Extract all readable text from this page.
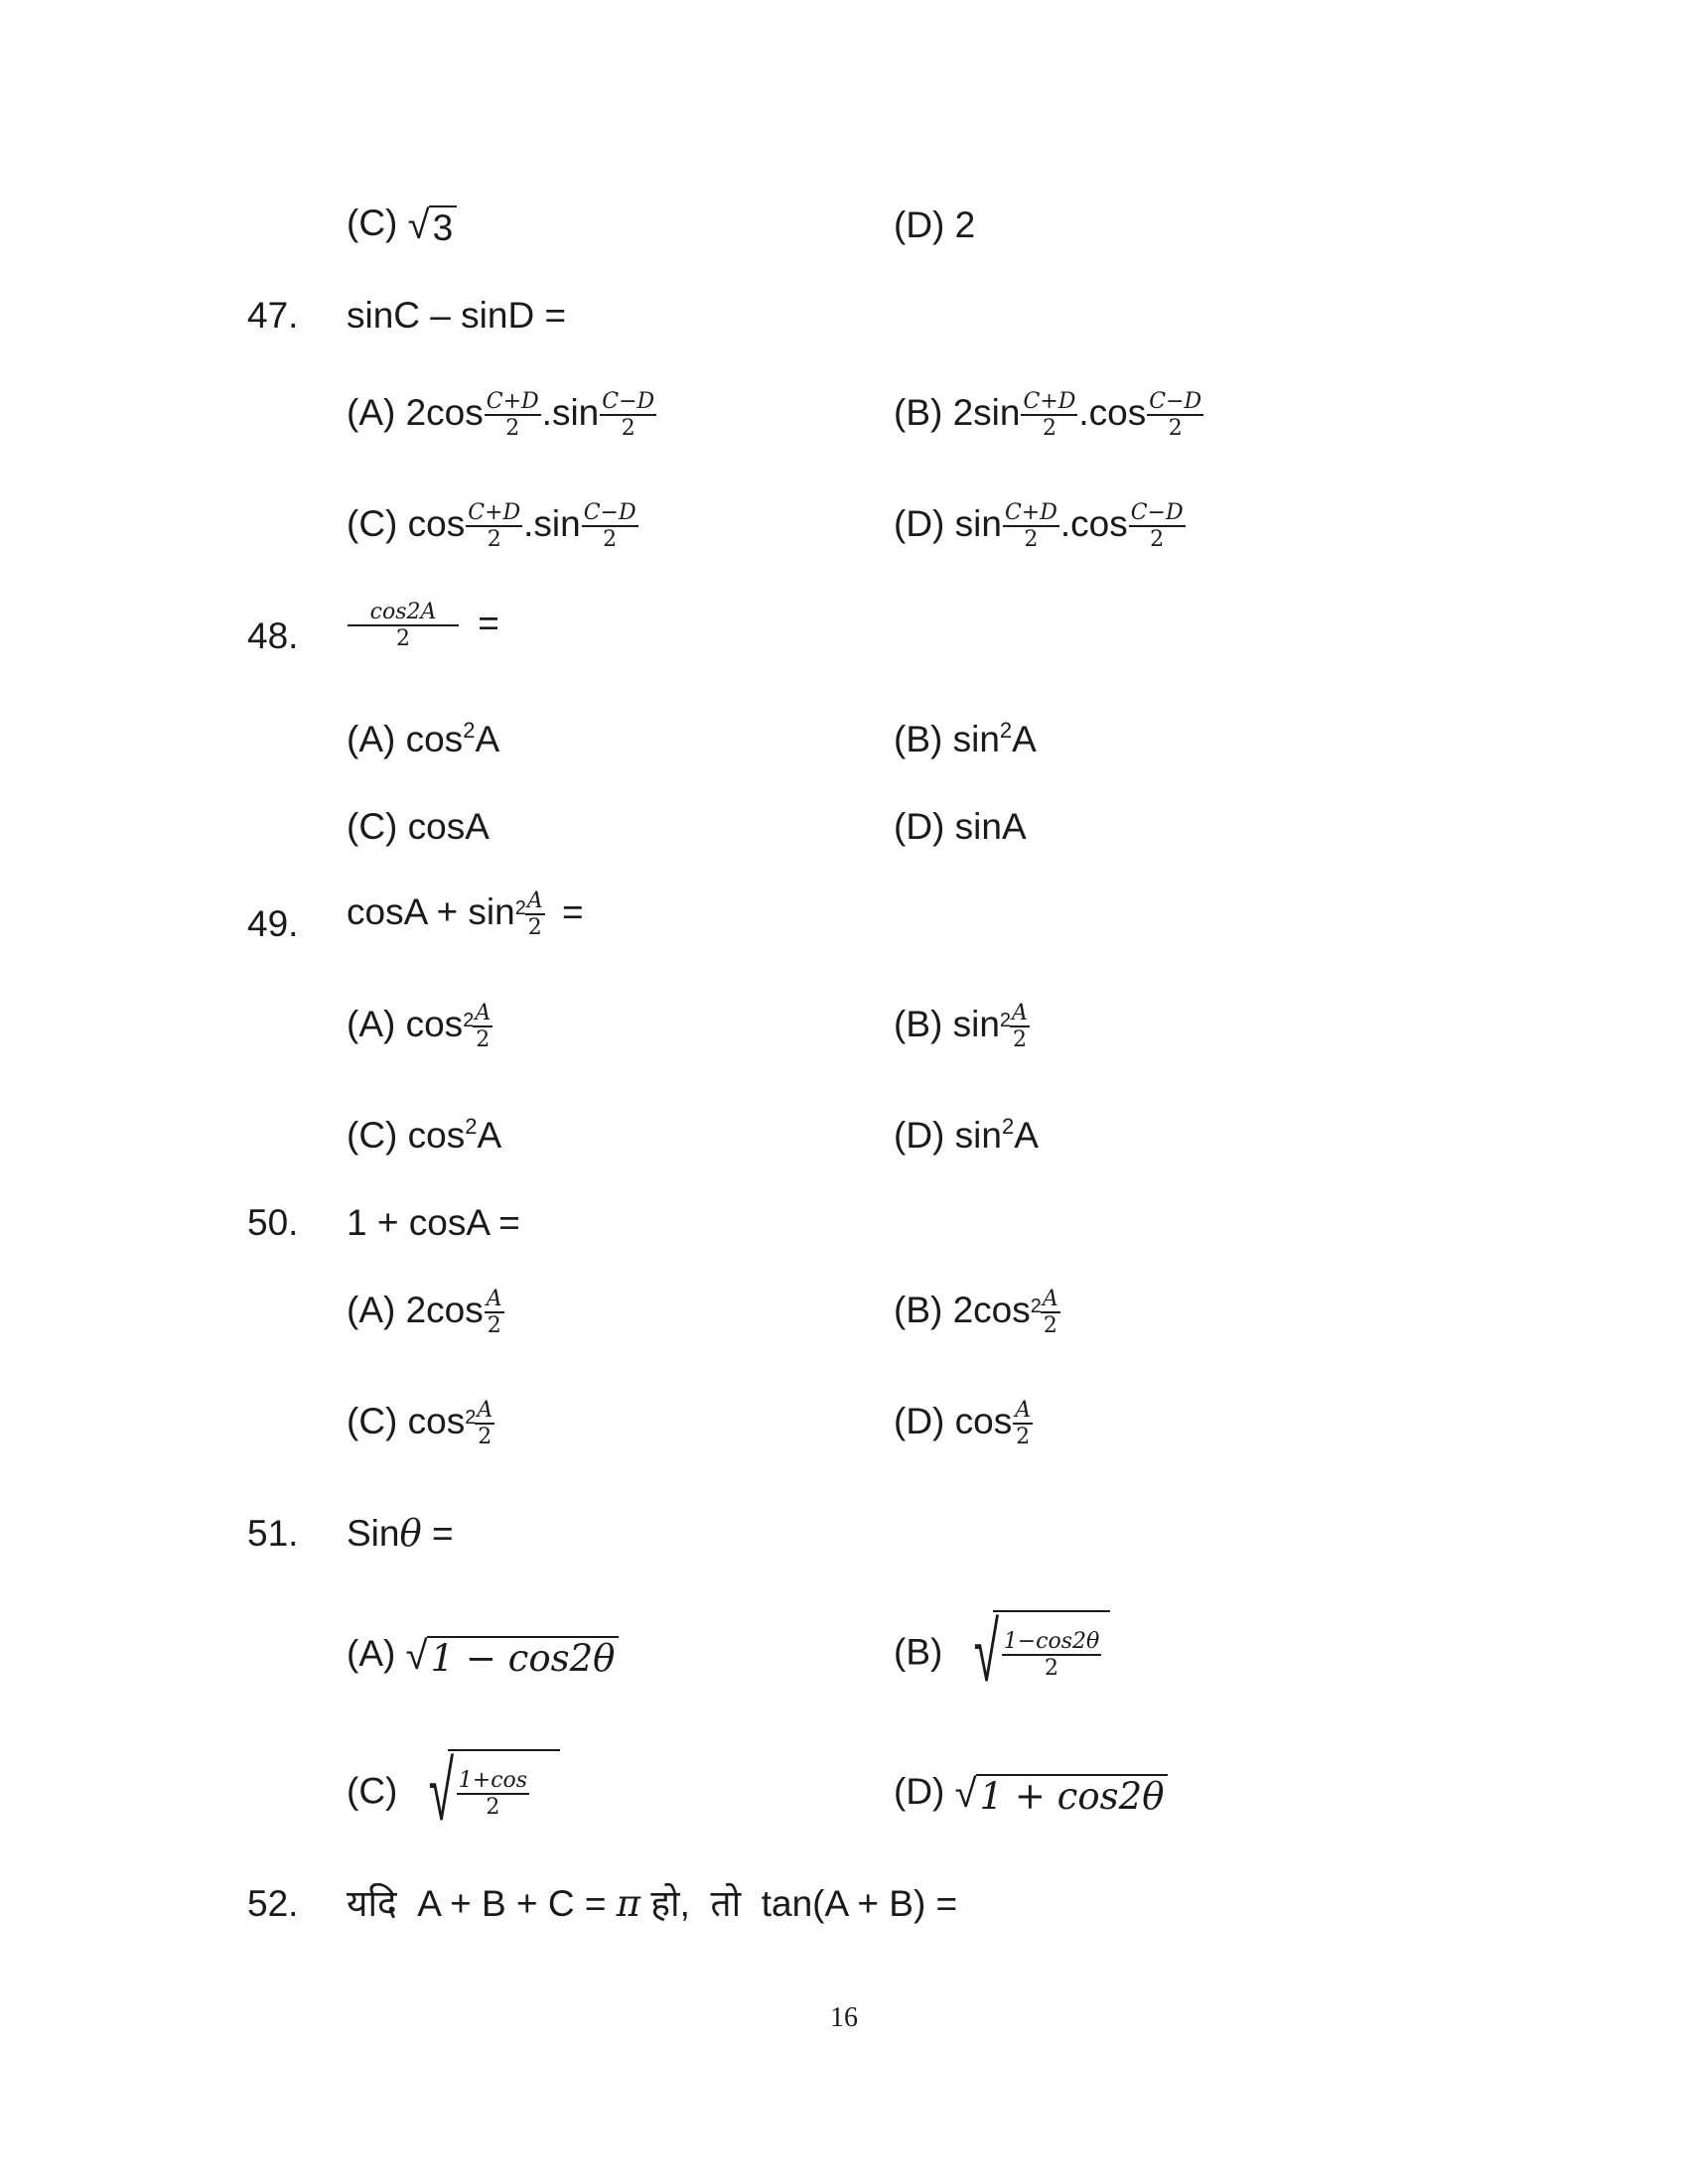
(C) √ 3	(D) 2
47. sinC – sinD =
(A) $2\cos \frac{C+D}{2} .\sin \frac{C-D}{2}$	(B) $2\sin \frac{C+D}{2} .\cos \frac{C-D}{2}$
(C) $\cos \frac{C+D}{2} .\sin \frac{C-D}{2}$	(D) $\sin \frac{C+D}{2} .\cos \frac{C-D}{2}$
48. $\frac{\cos 2A}{2}$ =
(A) $\cos^2A$	(B) $\sin^2A$
(C) cosA	(D) sinA
49. $\cos A + \sin^2 \frac{A}{2}$ =
(A) $\cos^2 \frac{A}{2}$	(B) $\sin^2 \frac{A}{2}$
(C) $\cos^2A$	(D) $\sin^2A$
50. 1 + cosA =
(A) $2\cos \frac{A}{2}$	(B) $2\cos^2 \frac{A}{2}$
(C) $\cos^2 \frac{A}{2}$	(D) $\cos \frac{A}{2}$
51. Sinθ =
(A) √ 1 − cos2θ	(B) √ $\frac{1-\cos 2\theta}{2}$
(C) √ $\frac{1+\cos}{2}$	(D) √ 1 + cos2θ
52. यदि  A + B + C = π हो,  तो  tan(A + B) =
16
